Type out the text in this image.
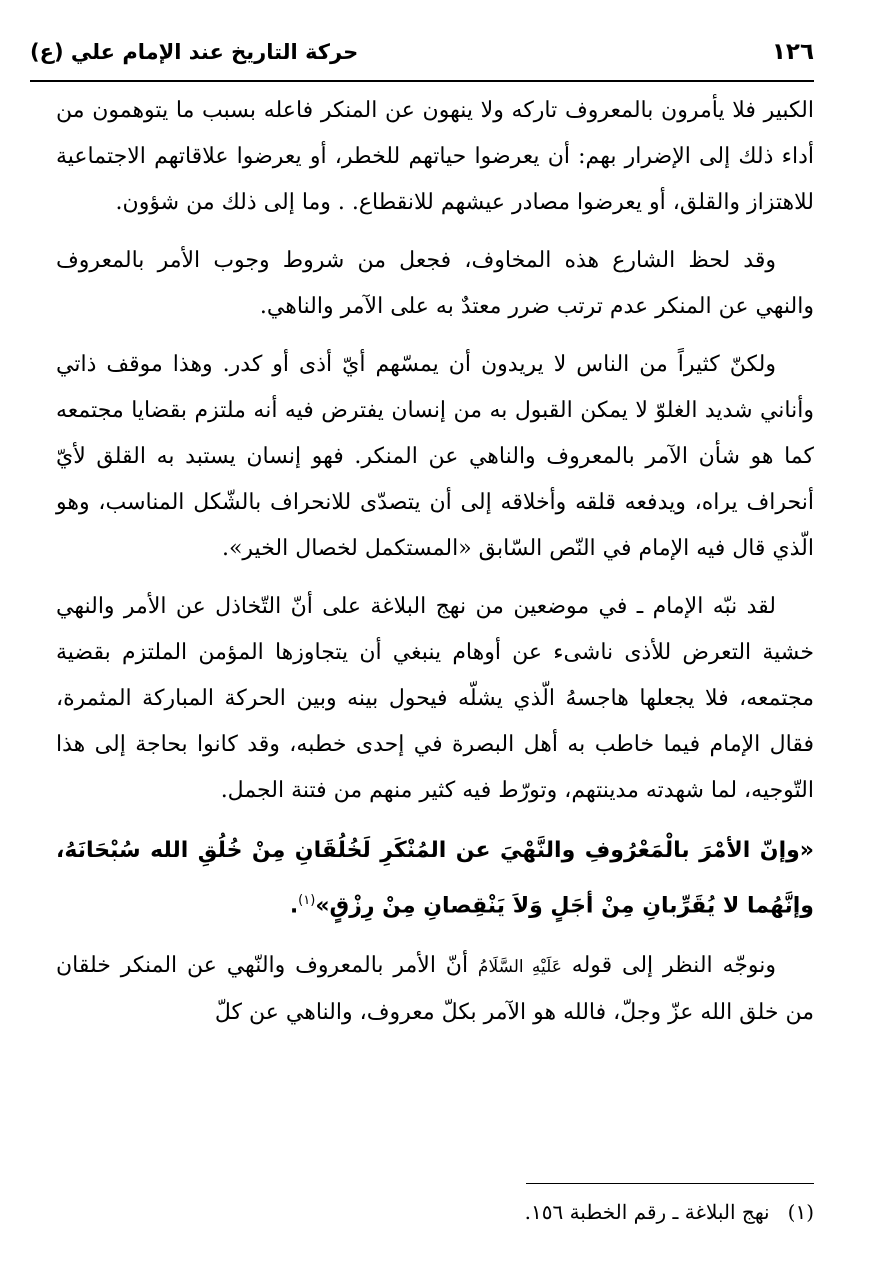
١٢٦
حركة التاريخ عند الإمام علي (ع)

الكبير فلا يأمرون بالمعروف تاركه ولا ينهون عن المنكر فاعله بسبب ما يتوهمون من أداء ذلك إلى الإضرار بهم: أن يعرضوا حياتهم للخطر، أو يعرضوا علاقاتهم الاجتماعية للاهتزاز والقلق، أو يعرضوا مصادر عيشهم للانقطاع. . وما إلى ذلك من شؤون.

وقد لحظ الشارع هذه المخاوف، فجعل من شروط وجوب الأمر بالمعروف والنهي عن المنكر عدم ترتب ضرر معتدٌ به على الآمر والناهي.

ولكنّ كثيراً من الناس لا يريدون أن يمسّهم أيّ أذى أو كدر. وهذا موقف ذاتي وأناني شديد الغلوّ لا يمكن القبول به من إنسان يفترض فيه أنه ملتزم بقضايا مجتمعه كما هو شأن الآمر بالمعروف والناهي عن المنكر. فهو إنسان يستبد به القلق لأيّ أنحراف يراه، ويدفعه قلقه وأخلاقه إلى أن يتصدّى للانحراف بالشّكل المناسب، وهو الّذي قال فيه الإمام في النّص السّابق «المستكمل لخصال الخير».

لقد نبّه الإمام ـ في موضعين من نهج البلاغة على أنّ التّخاذل عن الأمر والنهي خشية التعرض للأذى ناشىء عن أوهام ينبغي أن يتجاوزها المؤمن الملتزم بقضية مجتمعه، فلا يجعلها هاجسهُ الّذي يشلّه فيحول بينه وبين الحركة المباركة المثمرة، فقال الإمام فيما خاطب به أهل البصرة في إحدى خطبه، وقد كانوا بحاجة إلى هذا التّوجيه، لما شهدته مدينتهم، وتورّط فيه كثير منهم من فتنة الجمل.

«وإنّ الأمْرَ بالْمَعْرُوفِ والنَّهْيَ عن المُنْكَرِ لَخُلُقَانِ مِنْ خُلُقِ الله سُبْحَانَهُ، وإنَّهُما لا يُقَرِّبانِ مِنْ أجَلٍ وَلاَ يَنْقِصانِ مِنْ رِزْقٍ»$^{(١)}$.

ونوجّه النظر إلى قوله عَلَيْهِ السَّلَامُ أنّ الأمر بالمعروف والنّهي عن المنكر خلقان من خلق الله عزّ وجلّ، فالله هو الآمر بكلّ معروف، والناهي عن كلّ

(١)
نهج البلاغة ـ رقم الخطبة ١٥٦.
